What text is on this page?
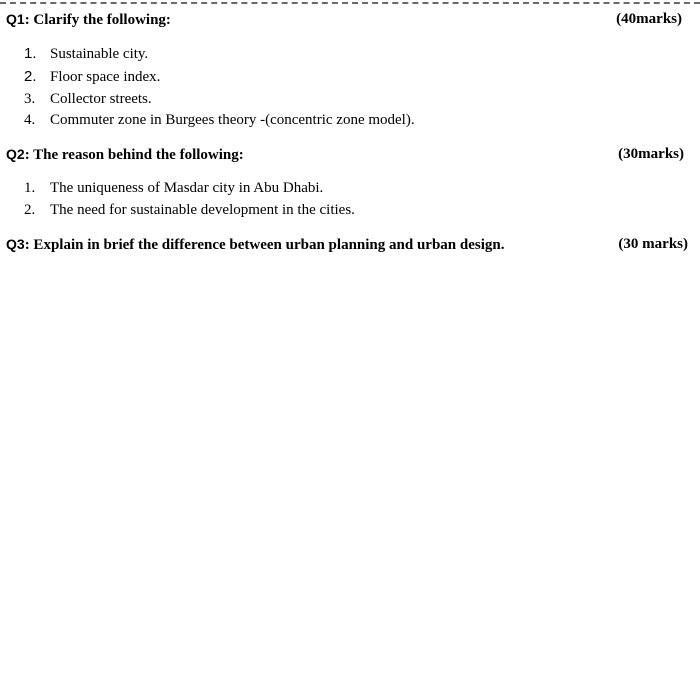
Q1: Clarify the following:	(40marks)
1. Sustainable city.
2. Floor space index.
3. Collector streets.
4. Commuter zone in Burgees theory -(concentric zone model).
Q2: The reason behind the following:	(30marks)
1. The uniqueness of Masdar city in Abu Dhabi.
2. The need for sustainable development in the cities.
Q3: Explain in brief the difference between urban planning and urban design.	(30 marks)
